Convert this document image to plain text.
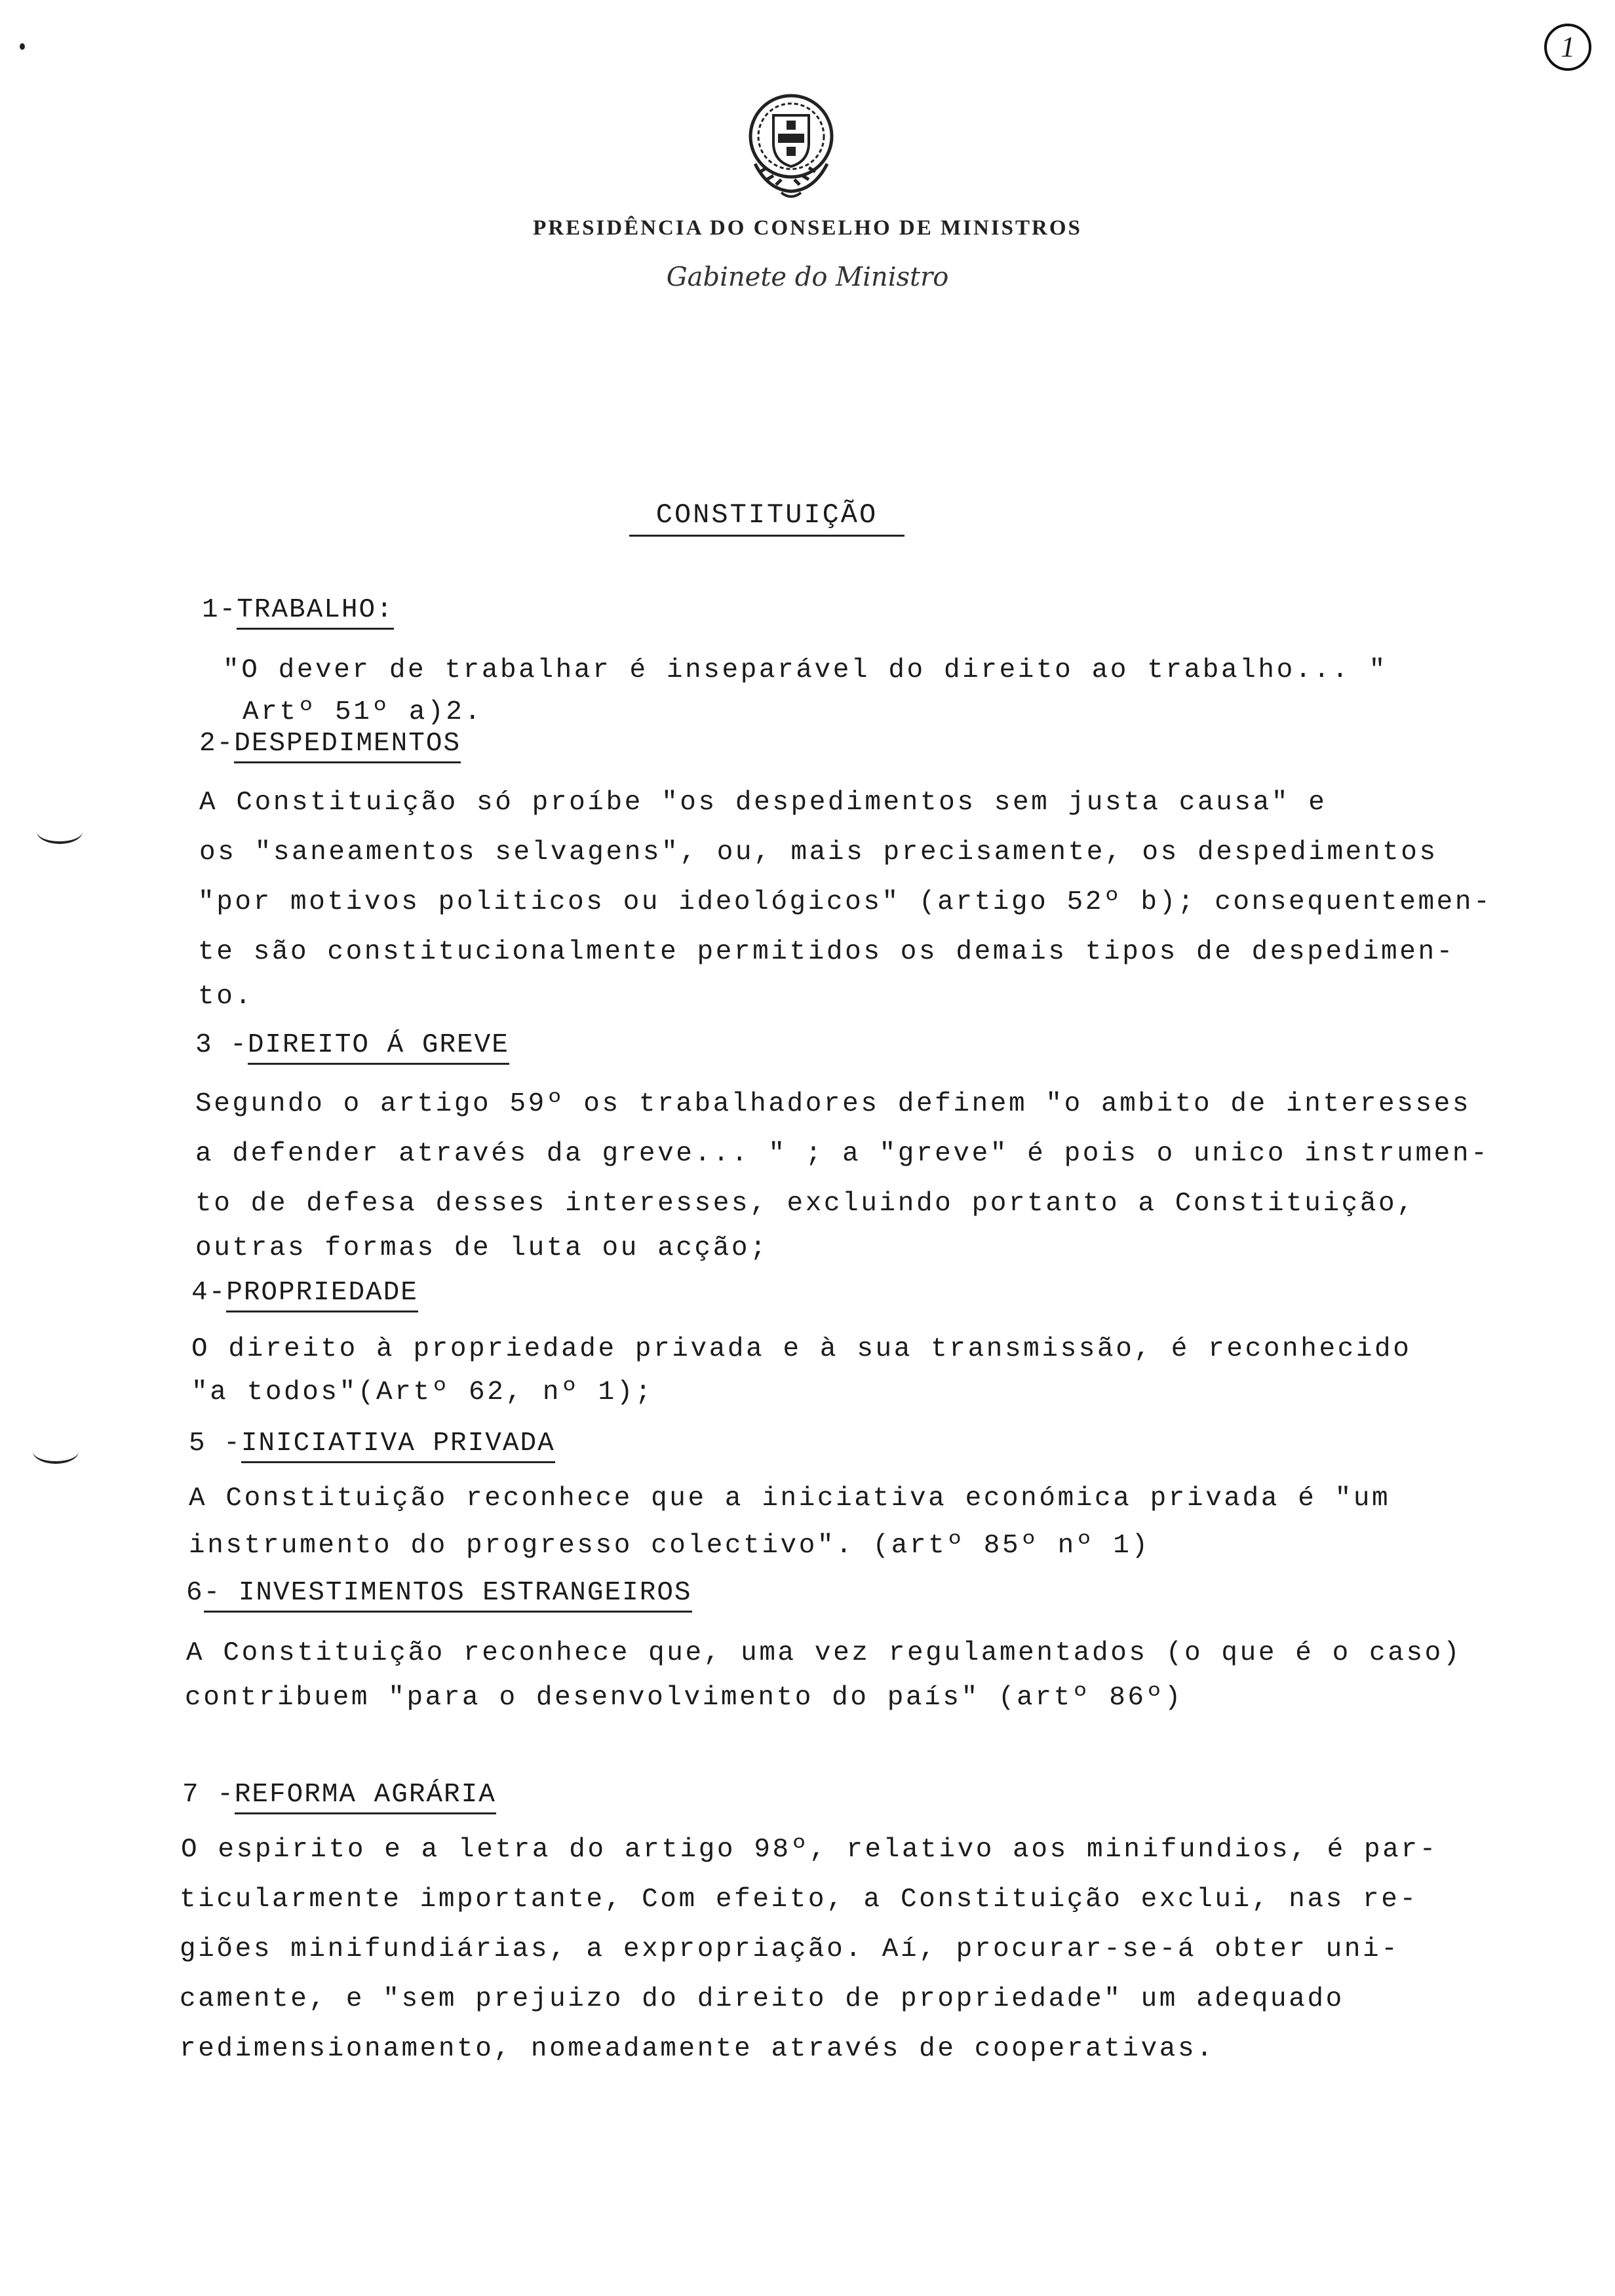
1
PRESIDÊNCIA DO CONSELHO DE MINISTROS
Gabinete do Ministro
CONSTITUIÇÃO
1-TRABALHO:
"O dever de trabalhar é inseparável do direito ao trabalho... "
Artº 51º a)2.
2-DESPEDIMENTOS
A Constituição só proíbe "os despedimentos sem justa causa" e
os "saneamentos selvagens", ou, mais precisamente, os despedimentos
"por motivos politicos ou ideológicos" (artigo 52º b); consequentemen-
te são constitucionalmente permitidos os demais tipos de despedimen-
to.
3 -DIREITO Á GREVE
Segundo o artigo 59º os trabalhadores definem "o ambito de interesses
a defender através da greve... " ; a "greve" é pois o unico instrumen-
to de defesa desses interesses, excluindo portanto a Constituição,
outras formas de luta ou acção;
4-PROPRIEDADE
O direito à propriedade privada e à sua transmissão, é reconhecido
"a todos"(Artº 62, nº 1);
5 -INICIATIVA PRIVADA
A Constituição reconhece que a iniciativa económica privada é "um
instrumento do progresso colectivo". (artº 85º nº 1)
6- INVESTIMENTOS ESTRANGEIROS
A Constituição reconhece que, uma vez regulamentados (o que é o caso)
contribuem "para o desenvolvimento do país" (artº 86º)
7 -REFORMA AGRÁRIA
O espirito e a letra do artigo 98º, relativo aos minifundios, é par-
ticularmente importante, Com efeito, a Constituição exclui, nas re-
giões minifundiárias, a expropriação. Aí, procurar-se-á obter uni-
camente, e "sem prejuizo do direito de propriedade" um adequado
redimensionamento, nomeadamente através de cooperativas.
